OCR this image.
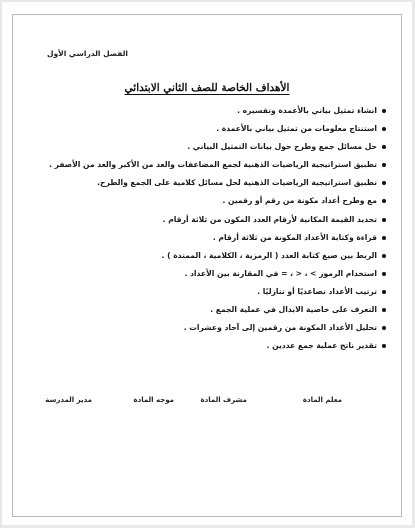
الفصل الدراسي الأول
الأهداف الخاصة للصف الثاني الابتدائي
انشاء تمثيل بياني بالأعمدة وتفسيره .
استنتاج معلومات من تمثيل بياني بالأعمدة .
حل مسائل جمع وطرح حول بيانات التمثيل البياني .
تطبيق استراتيجية الرياضيات الذهنية لجمع المضاعفات والعد من الأكبر والعد من الأصفر .
تطبيق استراتيجية الرياضيات الذهنية لحل مسائل كلامية على الجمع والطرح.
مع وطرح أعداد مكونة من رقم أو رقمين .
تحديد القيمة المكانية لأرقام العدد المكون من ثلاثة أرقام .
قراءة وكتابة الأعداد المكونة من ثلاثة أرقام .
الربط بين صيغ كتابة العدد ( الرمزية ، الكلامية ، الممتدة ) .
استخدام الرموز > ، < ، = في المقارنة بين الأعداد .
ترتيب الأعداد تصاعديًا أو تنازليًا .
التعرف على خاصية الابدال في عملية الجمع .
تحليل الأعداد المكونة من رقمين إلى آحاد وعشرات .
تقدير ناتج عملية جمع عددين .
معلم المادة
مشرف المادة
موجه المادة
مدير المدرسة
